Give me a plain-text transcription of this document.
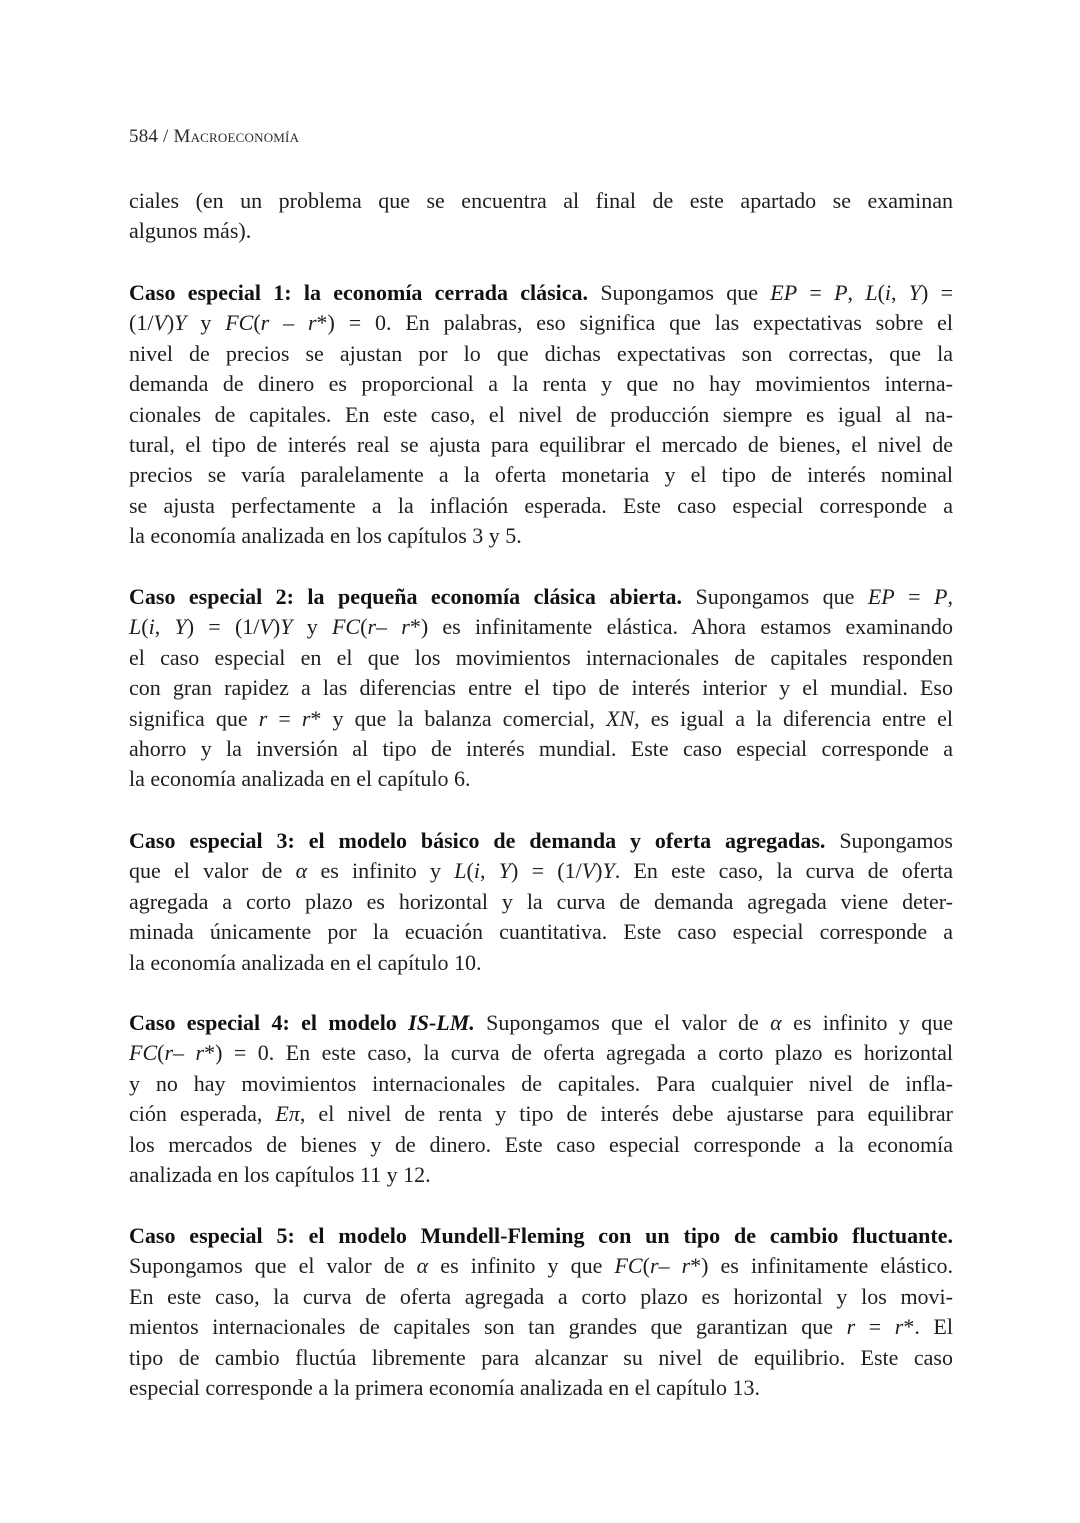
584 / Macroeconomía
ciales (en un problema que se encuentra al final de este apartado se examinan
algunos más).
Caso especial 1: la economía cerrada clásica. Supongamos que EP = P, L(i, Y) =
(1/V)Y y FC(r – r*) = 0. En palabras, eso significa que las expectativas sobre el
nivel de precios se ajustan por lo que dichas expectativas son correctas, que la
demanda de dinero es proporcional a la renta y que no hay movimientos interna-
cionales de capitales. En este caso, el nivel de producción siempre es igual al na-
tural, el tipo de interés real se ajusta para equilibrar el mercado de bienes, el nivel de
precios se varía paralelamente a la oferta monetaria y el tipo de interés nominal
se ajusta perfectamente a la inflación esperada. Este caso especial corresponde a
la economía analizada en los capítulos 3 y 5.
Caso especial 2: la pequeña economía clásica abierta. Supongamos que EP = P,
L(i, Y) = (1/V)Y y FC(r– r*) es infinitamente elástica. Ahora estamos examinando
el caso especial en el que los movimientos internacionales de capitales responden
con gran rapidez a las diferencias entre el tipo de interés interior y el mundial. Eso
significa que r = r* y que la balanza comercial, XN, es igual a la diferencia entre el
ahorro y la inversión al tipo de interés mundial. Este caso especial corresponde a
la economía analizada en el capítulo 6.
Caso especial 3: el modelo básico de demanda y oferta agregadas. Supongamos
que el valor de α es infinito y L(i, Y) = (1/V)Y. En este caso, la curva de oferta
agregada a corto plazo es horizontal y la curva de demanda agregada viene deter-
minada únicamente por la ecuación cuantitativa. Este caso especial corresponde a
la economía analizada en el capítulo 10.
Caso especial 4: el modelo IS-LM. Supongamos que el valor de α es infinito y que
FC(r– r*) = 0. En este caso, la curva de oferta agregada a corto plazo es horizontal
y no hay movimientos internacionales de capitales. Para cualquier nivel de infla-
ción esperada, Eπ, el nivel de renta y tipo de interés debe ajustarse para equilibrar
los mercados de bienes y de dinero. Este caso especial corresponde a la economía
analizada en los capítulos 11 y 12.
Caso especial 5: el modelo Mundell-Fleming con un tipo de cambio fluctuante.
Supongamos que el valor de α es infinito y que FC(r– r*) es infinitamente elástico.
En este caso, la curva de oferta agregada a corto plazo es horizontal y los movi-
mientos internacionales de capitales son tan grandes que garantizan que r = r*. El
tipo de cambio fluctúa libremente para alcanzar su nivel de equilibrio. Este caso
especial corresponde a la primera economía analizada en el capítulo 13.
